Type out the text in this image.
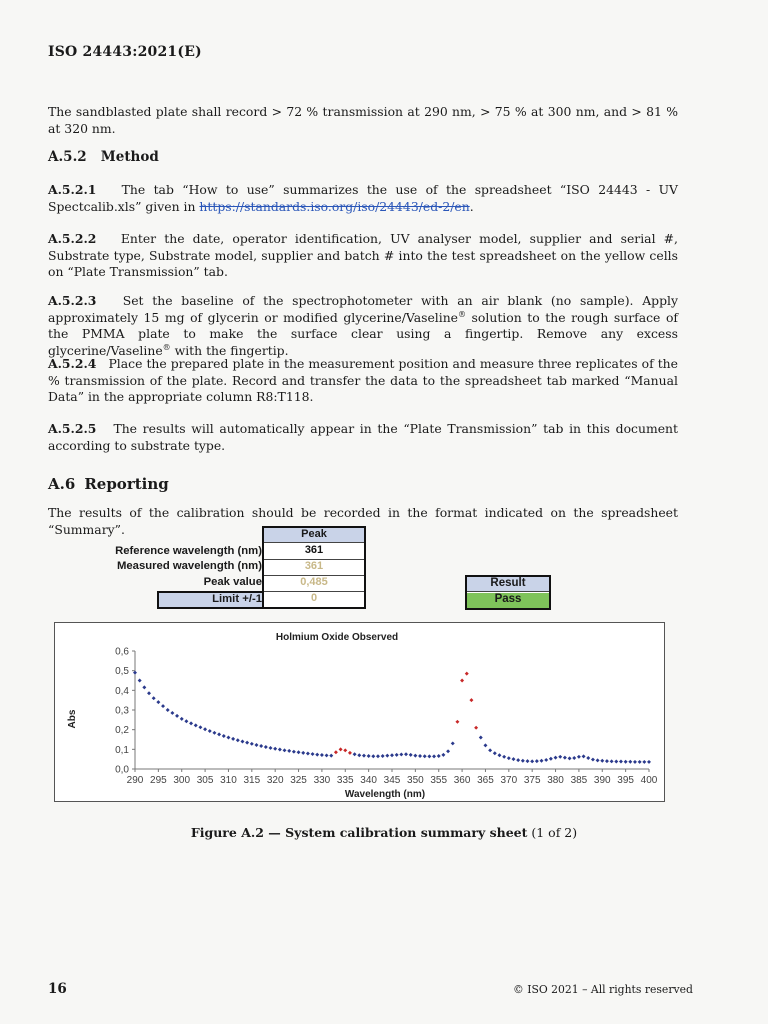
ISO 24443:2021(E)
The sandblasted plate shall record > 72 % transmission at 290 nm, > 75 % at 300 nm, and > 81 % at 320 nm.
A.5.2 Method
A.5.2.1 The tab “How to use” summarizes the use of the spreadsheet “ISO 24443 - UV Spectcalib.xls” given in https://standards.iso.org/iso/24443/ed-2/en.
A.5.2.2 Enter the date, operator identification, UV analyser model, supplier and serial #, Substrate type, Substrate model, supplier and batch # into the test spreadsheet on the yellow cells on “Plate Transmission” tab.
A.5.2.3 Set the baseline of the spectrophotometer with an air blank (no sample). Apply approximately 15 mg of glycerin or modified glycerine/Vaseline® solution to the rough surface of the PMMA plate to make the surface clear using a fingertip. Remove any excess glycerine/Vaseline® with the fingertip.
A.5.2.4 Place the prepared plate in the measurement position and measure three replicates of the % transmission of the plate. Record and transfer the data to the spreadsheet tab marked “Manual Data” in the appropriate column R8:T118.
A.5.2.5 The results will automatically appear in the “Plate Transmission” tab in this document according to substrate type.
A.6 Reporting
The results of the calibration should be recorded in the format indicated on the spreadsheet “Summary”.
Reference wavelength (nm)
Measured wavelength (nm)
Peak value
Limit +/-1
Peak
361
361
0,485
0
Result
Pass
Holmium Oxide Observed
Abs
Wavelength (nm)
0,0
0,1
0,2
0,3
0,4
0,5
0,6
290 295 300 305 310 315 320 325 330 335 340 345 350 355 360 365 370 375 380 385 390 395 400
Figure A.2 — System calibration summary sheet (1 of 2)
16	© ISO 2021 – All rights reserved
